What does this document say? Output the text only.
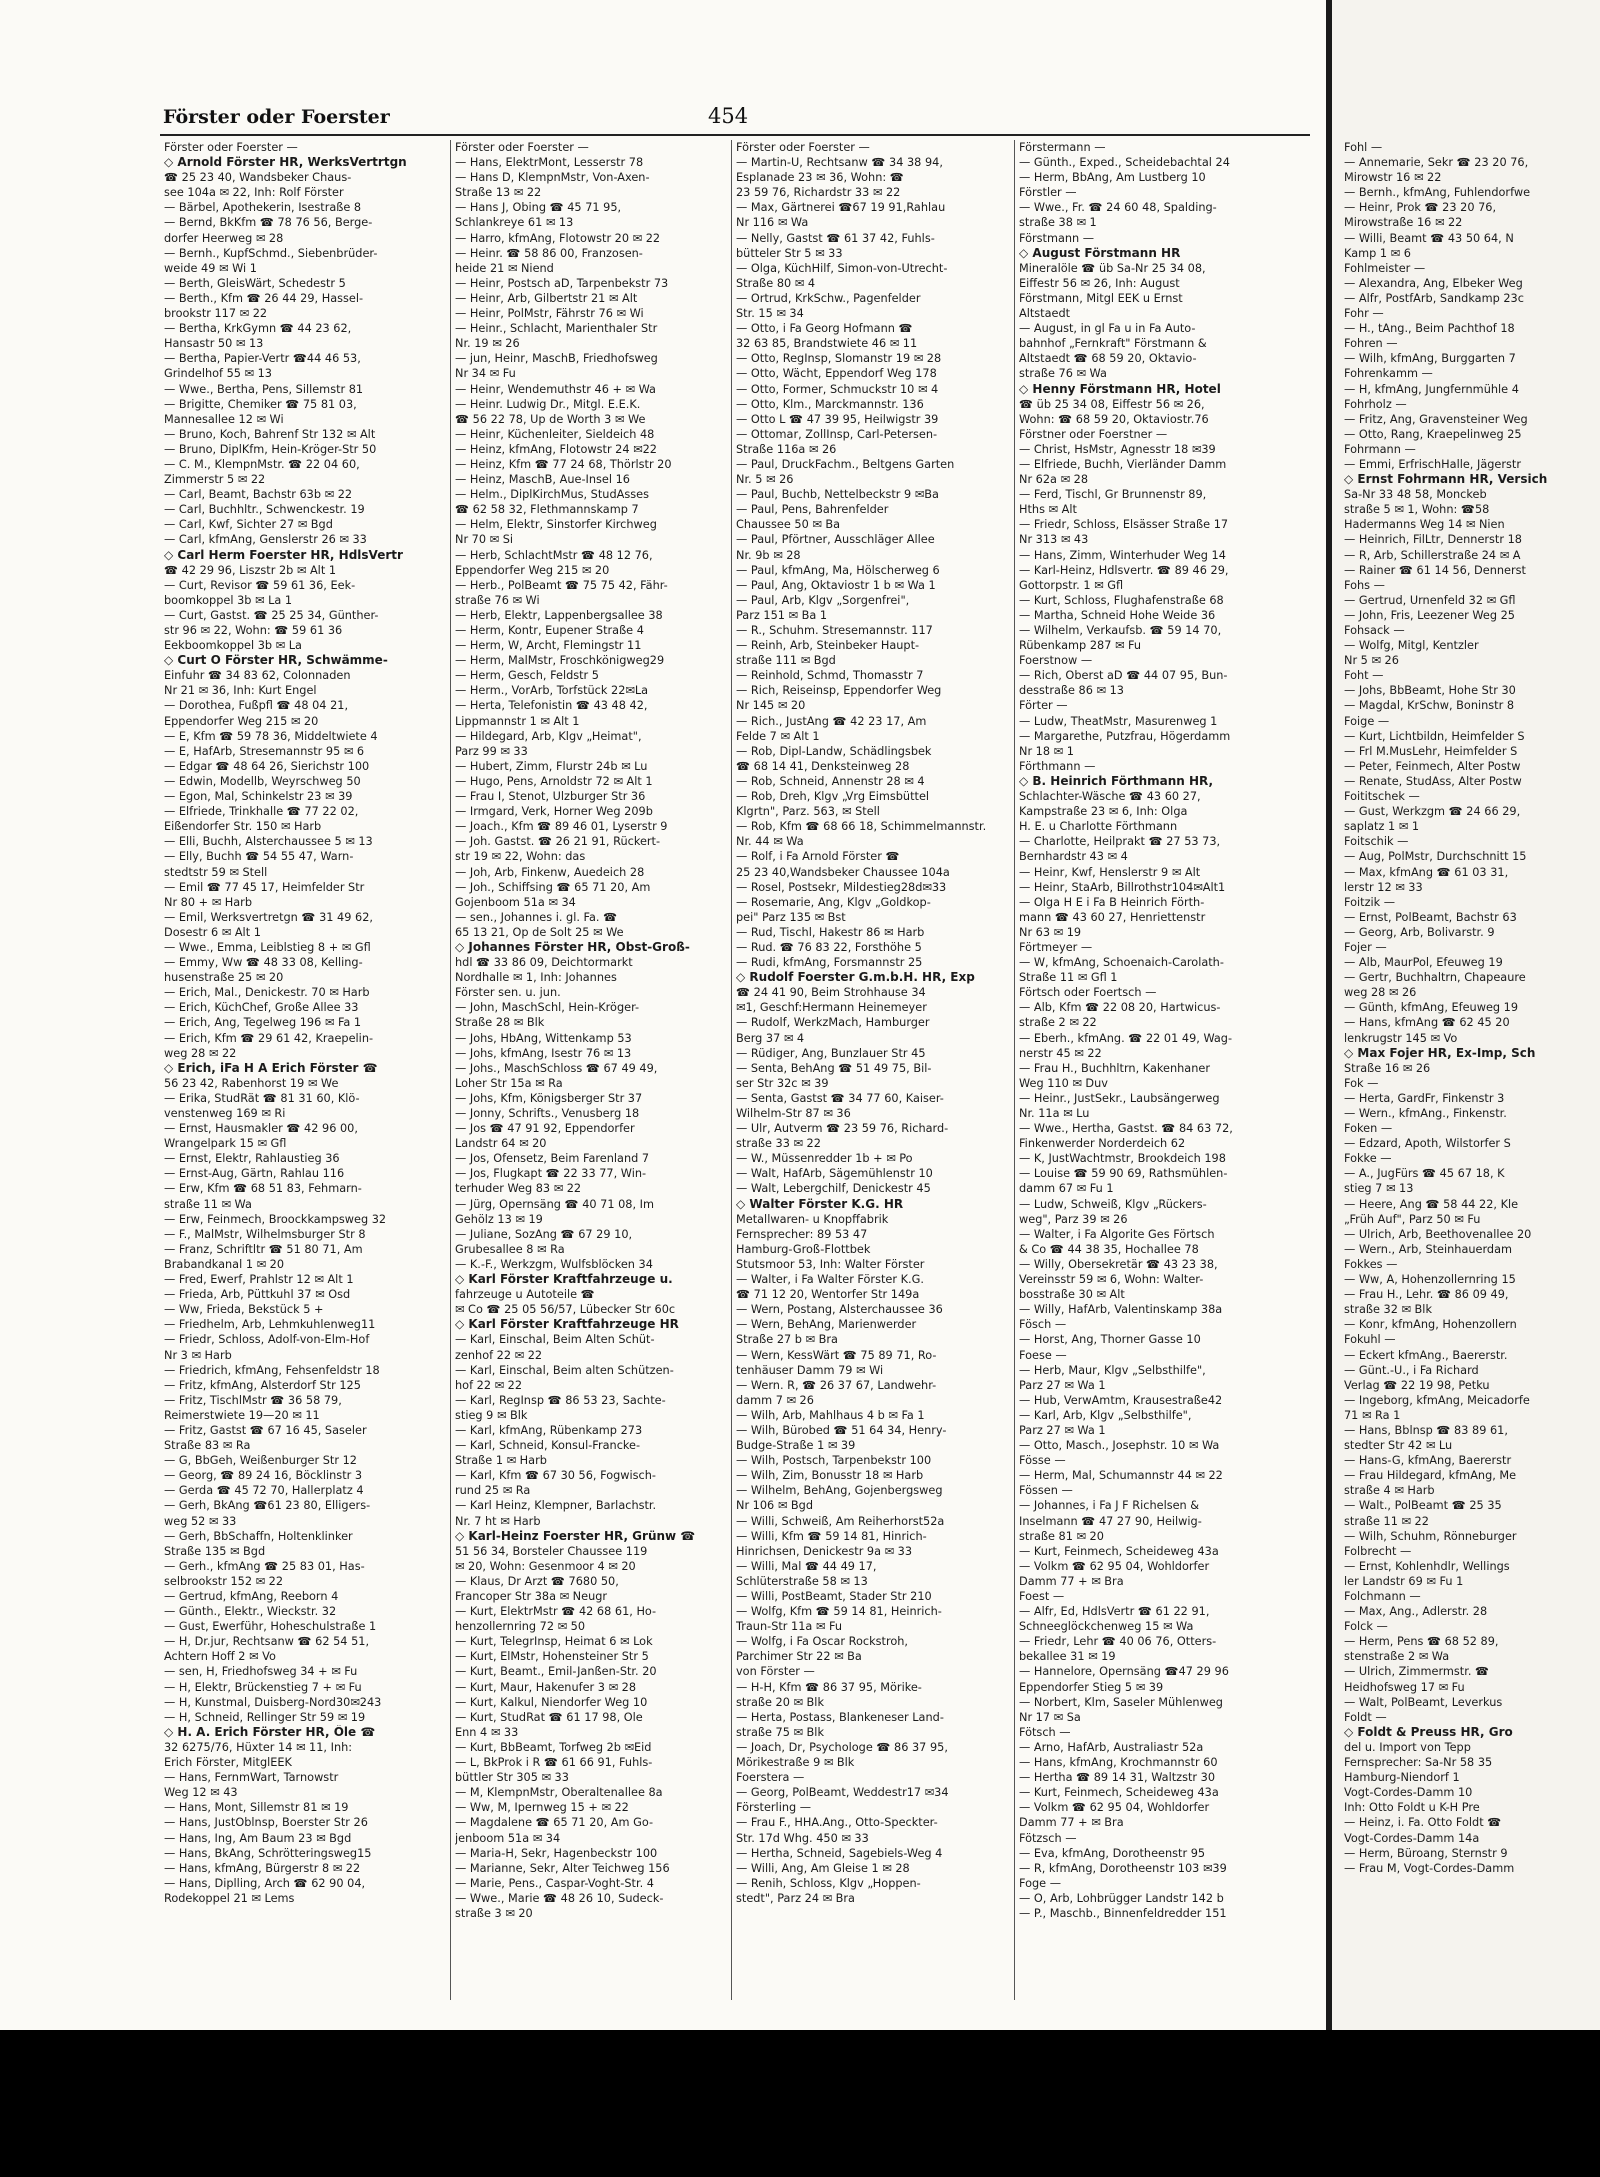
Förster oder Foerster	454
Förster oder Foerster —
◇ Arnold Förster HR, WerksVertrtgn
☎ 25 23 40, Wandsbeker Chaus-
see 104a ✉ 22, Inh: Rolf Förster
— Bärbel, Apothekerin, Isestraße 8
— Bernd, BkKfm ☎ 78 76 56, Berge-
dorfer Heerweg ✉ 28
— Bernh., KupfSchmd., Siebenbrüder-
weide 49 ✉ Wi 1
— Berth, GleisWärt, Schedestr 5
— Berth., Kfm ☎ 26 44 29, Hassel-
brookstr 117 ✉ 22
— Bertha, KrkGymn ☎ 44 23 62,
Hansastr 50 ✉ 13
— Bertha, Papier-Vertr ☎44 46 53,
Grindelhof 55 ✉ 13
— Wwe., Bertha, Pens, Sillemstr 81
— Brigitte, Chemiker ☎ 75 81 03,
Mannesallee 12 ✉ Wi
— Bruno, Koch, Bahrenf Str 132 ✉ Alt
— Bruno, DiplKfm, Hein-Kröger-Str 50
— C. M., KlempnMstr. ☎ 22 04 60,
Zimmerstr 5 ✉ 22
— Carl, Beamt, Bachstr 63b ✉ 22
— Carl, Buchhltr., Schwenckestr. 19
— Carl, Kwf, Sichter 27 ✉ Bgd
— Carl, kfmAng, Genslerstr 26 ✉ 33
◇ Carl Herm Foerster HR, HdlsVertr
☎ 42 29 96, Liszstr 2b ✉ Alt 1
— Curt, Revisor ☎ 59 61 36, Eek-
boomkoppel 3b ✉ La 1
— Curt, Gastst. ☎ 25 25 34, Günther-
str 96 ✉ 22, Wohn: ☎ 59 61 36
Eekboomkoppel 3b ✉ La
◇ Curt O Förster HR, Schwämme-
Einfuhr ☎ 34 83 62, Colonnaden
Nr 21 ✉ 36, Inh: Kurt Engel
— Dorothea, Fußpfl ☎ 48 04 21,
Eppendorfer Weg 215 ✉ 20
— E, Kfm ☎ 59 78 36, Middeltwiete 4
— E, HafArb, Stresemannstr 95 ✉ 6
— Edgar ☎ 48 64 26, Sierichstr 100
— Edwin, Modellb, Weyrschweg 50
— Egon, Mal, Schinkelstr 23 ✉ 39
— Elfriede, Trinkhalle ☎ 77 22 02,
Eißendorfer Str. 150 ✉ Harb
— Elli, Buchh, Alsterchaussee 5 ✉ 13
— Elly, Buchh ☎ 54 55 47, Warn-
stedtstr 59 ✉ Stell
— Emil ☎ 77 45 17, Heimfelder Str
Nr 80 + ✉ Harb
— Emil, Werksvertretgn ☎ 31 49 62,
Dosestr 6 ✉ Alt 1
— Wwe., Emma, Leiblstieg 8 + ✉ Gfl
— Emmy, Ww ☎ 48 33 08, Kelling-
husenstraße 25 ✉ 20
— Erich, Mal., Denickestr. 70 ✉ Harb
— Erich, KüchChef, Große Allee 33
— Erich, Ang, Tegelweg 196 ✉ Fa 1
— Erich, Kfm ☎ 29 61 42, Kraepelin-
weg 28 ✉ 22
◇ Erich, iFa H A Erich Förster ☎
56 23 42, Rabenhorst 19 ✉ We
— Erika, StudRät ☎ 81 31 60, Klö-
venstenweg 169 ✉ Ri
— Ernst, Hausmakler ☎ 42 96 00,
Wrangelpark 15 ✉ Gfl
— Ernst, Elektr, Rahlaustieg 36
— Ernst-Aug, Gärtn, Rahlau 116
— Erw, Kfm ☎ 68 51 83, Fehmarn-
straße 11 ✉ Wa
— Erw, Feinmech, Broockkampsweg 32
— F., MalMstr, Wilhelmsburger Str 8
— Franz, Schriftltr ☎ 51 80 71, Am
Brabandkanal 1 ✉ 20
— Fred, Ewerf, Prahlstr 12 ✉ Alt 1
— Frieda, Arb, Püttkuhl 37 ✉ Osd
— Ww, Frieda, Bekstück 5 +
— Friedhelm, Arb, Lehmkuhlenweg11
— Friedr, Schloss, Adolf-von-Elm-Hof
Nr 3 ✉ Harb
— Friedrich, kfmAng, Fehsenfeldstr 18
— Fritz, kfmAng, Alsterdorf Str 125
— Fritz, TischlMstr ☎ 36 58 79,
Reimerstwiete 19—20 ✉ 11
— Fritz, Gastst ☎ 67 16 45, Saseler
Straße 83 ✉ Ra
— G, BbGeh, Weißenburger Str 12
— Georg, ☎ 89 24 16, Böcklinstr 3
— Gerda ☎ 45 72 70, Hallerplatz 4
— Gerh, BkAng ☎61 23 80, Elligers-
weg 52 ✉ 33
— Gerh, BbSchaffn, Holtenklinker
Straße 135 ✉ Bgd
— Gerh., kfmAng ☎ 25 83 01, Has-
selbrookstr 152 ✉ 22
— Gertrud, kfmAng, Reeborn 4
— Günth., Elektr., Wieckstr. 32
— Gust, Ewerführ, Hoheschulstraße 1
— H, Dr.jur, Rechtsanw ☎ 62 54 51,
Achtern Hoff 2 ✉ Vo
— sen, H, Friedhofsweg 34 + ✉ Fu
— H, Elektr, Brückenstieg 7 + ✉ Fu
— H, Kunstmal, Duisberg-Nord30✉243
— H, Schneid, Rellinger Str 59 ✉ 19
◇ H. A. Erich Förster HR, Öle ☎
32 6275/76, Hüxter 14 ✉ 11, Inh:
Erich Förster, MitglEEK
— Hans, FernmWart, Tarnowstr
Weg 12 ✉ 43
— Hans, Mont, Sillemstr 81 ✉ 19
— Hans, JustOblnsp, Boerster Str 26
— Hans, Ing, Am Baum 23 ✉ Bgd
— Hans, BkAng, Schrötteringsweg15
— Hans, kfmAng, Bürgerstr 8 ✉ 22
— Hans, Diplling, Arch ☎ 62 90 04,
Rodekoppel 21 ✉ Lems
Förster oder Foerster —
— Hans, ElektrMont, Lesserstr 78
— Hans D, KlempnMstr, Von-Axen-
Straße 13 ✉ 22
— Hans J, Obing ☎ 45 71 95,
Schlankreye 61 ✉ 13
— Harro, kfmAng, Flotowstr 20 ✉ 22
— Heinr. ☎ 58 86 00, Franzosen-
heide 21 ✉ Niend
— Heinr, Postsch aD, Tarpenbekstr 73
— Heinr, Arb, Gilbertstr 21 ✉ Alt
— Heinr, PolMstr, Fährstr 76 ✉ Wi
— Heinr., Schlacht, Marienthaler Str
Nr. 19 ✉ 26
— jun, Heinr, MaschB, Friedhofsweg
Nr 34 ✉ Fu
— Heinr, Wendemuthstr 46 + ✉ Wa
— Heinr. Ludwig Dr., Mitgl. E.E.K.
☎ 56 22 78, Up de Worth 3 ✉ We
— Heinr, Küchenleiter, Sieldeich 48
— Heinz, kfmAng, Flotowstr 24 ✉22
— Heinz, Kfm ☎ 77 24 68, Thörlstr 20
— Heinz, MaschB, Aue-Insel 16
— Helm., DiplKirchMus, StudAsses
☎ 62 58 32, Flethmannskamp 7
— Helm, Elektr, Sinstorfer Kirchweg
Nr 70 ✉ Si
— Herb, SchlachtMstr ☎ 48 12 76,
Eppendorfer Weg 215 ✉ 20
— Herb., PolBeamt ☎ 75 75 42, Fähr-
straße 76 ✉ Wi
— Herb, Elektr, Lappenbergsallee 38
— Herm, Kontr, Eupener Straße 4
— Herm, W, Archt, Flemingstr 11
— Herm, MalMstr, Froschkönigweg29
— Herm, Gesch, Feldstr 5
— Herm., VorArb, Torfstück 22✉La
— Herta, Telefonistin ☎ 43 48 42,
Lippmannstr 1 ✉ Alt 1
— Hildegard, Arb, Klgv „Heimat",
Parz 99 ✉ 33
— Hubert, Zimm, Flurstr 24b ✉ Lu
— Hugo, Pens, Arnoldstr 72 ✉ Alt 1
— Frau I, Stenot, Ulzburger Str 36
— Irmgard, Verk, Horner Weg 209b
— Joach., Kfm ☎ 89 46 01, Lyserstr 9
— Joh. Gastst. ☎ 26 21 91, Rückert-
str 19 ✉ 22, Wohn: das
— Joh, Arb, Finkenw, Auedeich 28
— Joh., Schiffsing ☎ 65 71 20, Am
Gojenboom 51a ✉ 34
— sen., Johannes i. gl. Fa. ☎
65 13 21, Op de Solt 25 ✉ We
◇ Johannes Förster HR, Obst-Groß-
hdl ☎ 33 86 09, Deichtormarkt
Nordhalle ✉ 1, Inh: Johannes
Förster sen. u. jun.
— John, MaschSchl, Hein-Kröger-
Straße 28 ✉ Blk
— Johs, HbAng, Wittenkamp 53
— Johs, kfmAng, Isestr 76 ✉ 13
— Johs., MaschSchloss ☎ 67 49 49,
Loher Str 15a ✉ Ra
— Johs, Kfm, Königsberger Str 37
— Jonny, Schrifts., Venusberg 18
— Jos ☎ 47 91 92, Eppendorfer
Landstr 64 ✉ 20
— Jos, Ofensetz, Beim Farenland 7
— Jos, Flugkapt ☎ 22 33 77, Win-
terhuder Weg 83 ✉ 22
— Jürg, Opernsäng ☎ 40 71 08, Im
Gehölz 13 ✉ 19
— Juliane, SozAng ☎ 67 29 10,
Grubesallee 8 ✉ Ra
— K.-F., Werkzgm, Wulfsblöcken 34
◇ Karl Förster Kraftfahrzeuge u.
fahrzeuge u Autoteile ☎
✉ Co ☎ 25 05 56/57, Lübecker Str 60c
◇ Karl Förster Kraftfahrzeuge HR
— Karl, Einschal, Beim Alten Schüt-
zenhof 22 ✉ 22
— Karl, Einschal, Beim alten Schützen-
hof 22 ✉ 22
— Karl, RegInsp ☎ 86 53 23, Sachte-
stieg 9 ✉ Blk
— Karl, kfmAng, Rübenkamp 273
— Karl, Schneid, Konsul-Francke-
Straße 1 ✉ Harb
— Karl, Kfm ☎ 67 30 56, Fogwisch-
rund 25 ✉ Ra
— Karl Heinz, Klempner, Barlachstr.
Nr. 7 ht ✉ Harb
◇ Karl-Heinz Foerster HR, Grünw ☎
51 56 34, Borsteler Chaussee 119
✉ 20, Wohn: Gesenmoor 4 ✉ 20
— Klaus, Dr Arzt ☎ 7680 50,
Francoper Str 38a ✉ Neugr
— Kurt, ElektrMstr ☎ 42 68 61, Ho-
henzollernring 72 ✉ 50
— Kurt, TelegrInsp, Heimat 6 ✉ Lok
— Kurt, ElMstr, Hohensteiner Str 5
— Kurt, Beamt., Emil-Janßen-Str. 20
— Kurt, Maur, Hakenufer 3 ✉ 28
— Kurt, Kalkul, Niendorfer Weg 10
— Kurt, StudRat ☎ 61 17 98, Ole
Enn 4 ✉ 33
— Kurt, BbBeamt, Torfweg 2b ✉Eid
— L, BkProk i R ☎ 61 66 91, Fuhls-
büttler Str 305 ✉ 33
— M, KlempnMstr, Oberaltenallee 8a
— Ww, M, Ipernweg 15 + ✉ 22
— Magdalene ☎ 65 71 20, Am Go-
jenboom 51a ✉ 34
— Maria-H, Sekr, Hagenbeckstr 100
— Marianne, Sekr, Alter Teichweg 156
— Marie, Pens., Caspar-Voght-Str. 4
— Wwe., Marie ☎ 48 26 10, Sudeck-
straße 3 ✉ 20
Förster oder Foerster —
— Martin-U, Rechtsanw ☎ 34 38 94,
Esplanade 23 ✉ 36, Wohn: ☎
23 59 76, Richardstr 33 ✉ 22
— Max, Gärtnerei ☎67 19 91,Rahlau
Nr 116 ✉ Wa
— Nelly, Gastst ☎ 61 37 42, Fuhls-
bütteler Str 5 ✉ 33
— Olga, KüchHilf, Simon-von-Utrecht-
Straße 80 ✉ 4
— Ortrud, KrkSchw., Pagenfelder
Str. 15 ✉ 34
— Otto, i Fa Georg Hofmann ☎
32 63 85, Brandstwiete 46 ✉ 11
— Otto, RegInsp, Slomanstr 19 ✉ 28
— Otto, Wächt, Eppendorf Weg 178
— Otto, Former, Schmuckstr 10 ✉ 4
— Otto, Klm., Marckmannstr. 136
— Otto L ☎ 47 39 95, Heilwigstr 39
— Ottomar, ZollInsp, Carl-Petersen-
Straße 116a ✉ 26
— Paul, DruckFachm., Beltgens Garten
Nr. 5 ✉ 26
— Paul, Buchb, Nettelbeckstr 9 ✉Ba
— Paul, Pens, Bahrenfelder
Chaussee 50 ✉ Ba
— Paul, Pförtner, Ausschläger Allee
Nr. 9b ✉ 28
— Paul, kfmAng, Ma, Hölscherweg 6
— Paul, Ang, Oktaviostr 1 b ✉ Wa 1
— Paul, Arb, Klgv „Sorgenfrei",
Parz 151 ✉ Ba 1
— R., Schuhm. Stresemannstr. 117
— Reinh, Arb, Steinbeker Haupt-
straße 111 ✉ Bgd
— Reinhold, Schmd, Thomasstr 7
— Rich, Reiseinsp, Eppendorfer Weg
Nr 145 ✉ 20
— Rich., JustAng ☎ 42 23 17, Am
Felde 7 ✉ Alt 1
— Rob, Dipl-Landw, Schädlingsbek
☎ 68 14 41, Denksteinweg 28
— Rob, Schneid, Annenstr 28 ✉ 4
— Rob, Dreh, Klgv „Vrg Eimsbüttel
Klgrtn", Parz. 563, ✉ Stell
— Rob, Kfm ☎ 68 66 18, Schimmelmannstr.
Nr. 44 ✉ Wa
— Rolf, i Fa Arnold Förster ☎
25 23 40,Wandsbeker Chaussee 104a
— Rosel, Postsekr, Mildestieg28d✉33
— Rosemarie, Ang, Klgv „Goldkop-
pei" Parz 135 ✉ Bst
— Rud, Tischl, Hakestr 86 ✉ Harb
— Rud. ☎ 76 83 22, Forsthöhe 5
— Rudi, kfmAng, Forsmannstr 25
◇ Rudolf Foerster G.m.b.H. HR, Exp
☎ 24 41 90, Beim Strohhause 34
✉1, Geschf:Hermann Heinemeyer
— Rudolf, WerkzMach, Hamburger
Berg 37 ✉ 4
— Rüdiger, Ang, Bunzlauer Str 45
— Senta, BehAng ☎ 51 49 75, Bil-
ser Str 32c ✉ 39
— Senta, Gastst ☎ 34 77 60, Kaiser-
Wilhelm-Str 87 ✉ 36
— Ulr, Autverm ☎ 23 59 76, Richard-
straße 33 ✉ 22
— W., Müssenredder 1b + ✉ Po
— Walt, HafArb, Sägemühlenstr 10
— Walt, Lebergchilf, Denickestr 45
◇ Walter Förster K.G. HR
Metallwaren- u Knopffabrik
Fernsprecher: 89 53 47
Hamburg-Groß-Flottbek
Stutsmoor 53, Inh: Walter Förster
— Walter, i Fa Walter Förster K.G.
☎ 71 12 20, Wentorfer Str 149a
— Wern, Postang, Alsterchaussee 36
— Wern, BehAng, Marienwerder
Straße 27 b ✉ Bra
— Wern, KessWärt ☎ 75 89 71, Ro-
tenhäuser Damm 79 ✉ Wi
— Wern. R, ☎ 26 37 67, Landwehr-
damm 7 ✉ 26
— Wilh, Arb, Mahlhaus 4 b ✉ Fa 1
— Wilh, Bürobed ☎ 51 64 34, Henry-
Budge-Straße 1 ✉ 39
— Wilh, Postsch, Tarpenbekstr 100
— Wilh, Zim, Bonusstr 18 ✉ Harb
— Wilhelm, BehAng, Gojenbergsweg
Nr 106 ✉ Bgd
— Willi, Schweiß, Am Reiherhorst52a
— Willi, Kfm ☎ 59 14 81, Hinrich-
Hinrichsen, Denickestr 9a ✉ 33
— Willi, Mal ☎ 44 49 17,
Schlüterstraße 58 ✉ 13
— Willi, PostBeamt, Stader Str 210
— Wolfg, Kfm ☎ 59 14 81, Heinrich-
Traun-Str 11a ✉ Fu
— Wolfg, i Fa Oscar Rockstroh,
Parchimer Str 22 ✉ Ba
von Förster —
— H-H, Kfm ☎ 86 37 95, Mörike-
straße 20 ✉ Blk
— Herta, Postass, Blankeneser Land-
straße 75 ✉ Blk
— Joach, Dr, Psychologe ☎ 86 37 95,
Mörikestraße 9 ✉ Blk
Foerstera —
— Georg, PolBeamt, Weddestr17 ✉34
Försterling —
— Frau F., HHA.Ang., Otto-Speckter-
Str. 17d Whg. 450 ✉ 33
— Hertha, Schneid, Sagebiels-Weg 4
— Willi, Ang, Am Gleise 1 ✉ 28
— Renih, Schloss, Klgv „Hoppen-
stedt", Parz 24 ✉ Bra
Förstermann —
— Günth., Exped., Scheidebachtal 24
— Herm, BbAng, Am Lustberg 10
Förstler —
— Wwe., Fr. ☎ 24 60 48, Spalding-
straße 38 ✉ 1
Förstmann —
◇ August Förstmann HR
Mineralöle ☎ üb Sa-Nr 25 34 08,
Eiffestr 56 ✉ 26, Inh: August
Förstmann, Mitgl EEK u Ernst
Altstaedt
— August, in gl Fa u in Fa Auto-
bahnhof „Fernkraft" Förstmann &
Altstaedt ☎ 68 59 20, Oktavio-
straße 76 ✉ Wa
◇ Henny Förstmann HR, Hotel
☎ üb 25 34 08, Eiffestr 56 ✉ 26,
Wohn: ☎ 68 59 20, Oktaviostr.76
Förstner oder Foerstner —
— Christ, HsMstr, Agnesstr 18 ✉39
— Elfriede, Buchh, Vierländer Damm
Nr 62a ✉ 28
— Ferd, Tischl, Gr Brunnenstr 89,
Hths ✉ Alt
— Friedr, Schloss, Elsässer Straße 17
Nr 313 ✉ 43
— Hans, Zimm, Winterhuder Weg 14
— Karl-Heinz, Hdlsvertr. ☎ 89 46 29,
Gottorpstr. 1 ✉ Gfl
— Kurt, Schloss, Flughafenstraße 68
— Martha, Schneid Hohe Weide 36
— Wilhelm, Verkaufsb. ☎ 59 14 70,
Rübenkamp 287 ✉ Fu
Foerstnow —
— Rich, Oberst aD ☎ 44 07 95, Bun-
desstraße 86 ✉ 13
Förter —
— Ludw, TheatMstr, Masurenweg 1
— Margarethe, Putzfrau, Högerdamm
Nr 18 ✉ 1
Förthmann —
◇ B. Heinrich Förthmann HR,
Schlachter-Wäsche ☎ 43 60 27,
Kampstraße 23 ✉ 6, Inh: Olga
H. E. u Charlotte Förthmann
— Charlotte, Heilprakt ☎ 27 53 73,
Bernhardstr 43 ✉ 4
— Heinr, Kwf, Henslerstr 9 ✉ Alt
— Heinr, StaArb, Billrothstr104✉Alt1
— Olga H E i Fa B Heinrich Förth-
mann ☎ 43 60 27, Henriettenstr
Nr 63 ✉ 19
Förtmeyer —
— W, kfmAng, Schoenaich-Carolath-
Straße 11 ✉ Gfl 1
Förtsch oder Foertsch —
— Alb, Kfm ☎ 22 08 20, Hartwicus-
straße 2 ✉ 22
— Eberh., kfmAng. ☎ 22 01 49, Wag-
nerstr 45 ✉ 22
— Frau H., Buchhltrn, Kakenhaner
Weg 110 ✉ Duv
— Heinr., JustSekr., Laubsängerweg
Nr. 11a ✉ Lu
— Wwe., Hertha, Gastst. ☎ 84 63 72,
Finkenwerder Norderdeich 62
— K, JustWachtmstr, Brookdeich 198
— Louise ☎ 59 90 69, Rathsmühlen-
damm 67 ✉ Fu 1
— Ludw, Schweiß, Klgv „Rückers-
weg", Parz 39 ✉ 26
— Walter, i Fa Algorite Ges Förtsch
& Co ☎ 44 38 35, Hochallee 78
— Willy, Obersekretär ☎ 43 23 38,
Vereinsstr 59 ✉ 6, Wohn: Walter-
bosstraße 30 ✉ Alt
— Willy, HafArb, Valentinskamp 38a
Fösch —
— Horst, Ang, Thorner Gasse 10
Foese —
— Herb, Maur, Klgv „Selbsthilfe",
Parz 27 ✉ Wa 1
— Hub, VerwAmtm, Krausestraße42
— Karl, Arb, Klgv „Selbsthilfe",
Parz 27 ✉ Wa 1
— Otto, Masch., Josephstr. 10 ✉ Wa
Fösse —
— Herm, Mal, Schumannstr 44 ✉ 22
Fössen —
— Johannes, i Fa J F Richelsen &
Inselmann ☎ 47 27 90, Heilwig-
straße 81 ✉ 20
— Kurt, Feinmech, Scheideweg 43a
— Volkm ☎ 62 95 04, Wohldorfer
Damm 77 + ✉ Bra
Foest —
— Alfr, Ed, HdlsVertr ☎ 61 22 91,
Schneeglöckchenweg 15 ✉ Wa
— Friedr, Lehr ☎ 40 06 76, Otters-
bekallee 31 ✉ 19
— Hannelore, Opernsäng ☎47 29 96
Eppendorfer Stieg 5 ✉ 39
— Norbert, Klm, Saseler Mühlenweg
Nr 17 ✉ Sa
Fötsch —
— Arno, HafArb, Australiastr 52a
— Hans, kfmAng, Krochmannstr 60
— Hertha ☎ 89 14 31, Waltzstr 30
— Kurt, Feinmech, Scheideweg 43a
— Volkm ☎ 62 95 04, Wohldorfer
Damm 77 + ✉ Bra
Fötzsch —
— Eva, kfmAng, Dorotheenstr 95
— R, kfmAng, Dorotheenstr 103 ✉39
Foge —
— O, Arb, Lohbrügger Landstr 142 b
— P., Maschb., Binnenfeldredder 151
Fohl —
— Annemarie, Sekr ☎ 23 20 76,
Mirowstr 16 ✉ 22
— Bernh., kfmAng, Fuhlendorfwe
— Heinr, Prok ☎ 23 20 76,
Mirowstraße 16 ✉ 22
— Willi, Beamt ☎ 43 50 64, N
Kamp 1 ✉ 6
Fohlmeister —
— Alexandra, Ang, Elbeker Weg
— Alfr, PostfArb, Sandkamp 23c
Fohr —
— H., tAng., Beim Pachthof 18
Fohren —
— Wilh, kfmAng, Burggarten 7
Fohrenkamm —
— H, kfmAng, Jungfernmühle 4
Fohrholz —
— Fritz, Ang, Gravensteiner Weg
— Otto, Rang, Kraepelinweg 25
Fohrmann —
— Emmi, ErfrischHalle, Jägerstr
◇ Ernst Fohrmann HR, Versich
Sa-Nr 33 48 58, Monckeb
straße 5 ✉ 1, Wohn: ☎58
Hadermanns Weg 14 ✉ Nien
— Heinrich, FilLtr, Dennerstr 18
— R, Arb, Schillerstraße 24 ✉ A
— Rainer ☎ 61 14 56, Dennerst
Fohs —
— Gertrud, Urnenfeld 32 ✉ Gfl
— John, Fris, Leezener Weg 25
Fohsack —
— Wolfg, Mitgl, Kentzler
Nr 5 ✉ 26
Foht —
— Johs, BbBeamt, Hohe Str 30
— Magdal, KrSchw, Boninstr 8
Foige —
— Kurt, Lichtbildn, Heimfelder S
— Frl M.MusLehr, Heimfelder S
— Peter, Feinmech, Alter Postw
— Renate, StudAss, Alter Postw
Foititschek —
— Gust, Werkzgm ☎ 24 66 29,
saplatz 1 ✉ 1
Foitschik —
— Aug, PolMstr, Durchschnitt 15
— Max, kfmAng ☎ 61 03 31,
lerstr 12 ✉ 33
Foitzik —
— Ernst, PolBeamt, Bachstr 63
— Georg, Arb, Bolivarstr. 9
Fojer —
— Alb, MaurPol, Efeuweg 19
— Gertr, Buchhaltrn, Chapeaure
weg 28 ✉ 26
— Günth, kfmAng, Efeuweg 19
— Hans, kfmAng ☎ 62 45 20
lenkrugstr 145 ✉ Vo
◇ Max Fojer HR, Ex-Imp, Sch
Straße 16 ✉ 26
Fok —
— Herta, GardFr, Finkenstr 3
— Wern., kfmAng., Finkenstr.
Foken —
— Edzard, Apoth, Wilstorfer S
Fokke —
— A., JugFürs ☎ 45 67 18, K
stieg 7 ✉ 13
— Heere, Ang ☎ 58 44 22, Kle
„Früh Auf", Parz 50 ✉ Fu
— Ulrich, Arb, Beethovenallee 20
— Wern., Arb, Steinhauerdam
Fokkes —
— Ww, A, Hohenzollernring 15
— Frau H., Lehr. ☎ 86 09 49,
straße 32 ✉ Blk
— Konr, kfmAng, Hohenzollern
Fokuhl —
— Eckert kfmAng., Baererstr.
— Günt.-U., i Fa Richard
Verlag ☎ 22 19 98, Petku
— Ingeborg, kfmAng, Meicadorfe
71 ✉ Ra 1
— Hans, Bblnsp ☎ 83 89 61,
stedter Str 42 ✉ Lu
— Hans-G, kfmAng, Baererstr
— Frau Hildegard, kfmAng, Me
straße 4 ✉ Harb
— Walt., PolBeamt ☎ 25 35
straße 11 ✉ 22
— Wilh, Schuhm, Rönneburger
Folbrecht —
— Ernst, Kohlenhdlr, Wellings
ler Landstr 69 ✉ Fu 1
Folchmann —
— Max, Ang., Adlerstr. 28
Folck —
— Herm, Pens ☎ 68 52 89,
stenstraße 2 ✉ Wa
— Ulrich, Zimmermstr. ☎
Heidhofsweg 17 ✉ Fu
— Walt, PolBeamt, Leverkus
Foldt —
◇ Foldt & Preuss HR, Gro
del u. Import von Tepp
Fernsprecher: Sa-Nr 58 35
Hamburg-Niendorf 1
Vogt-Cordes-Damm 10
Inh: Otto Foldt u K-H Pre
— Heinz, i. Fa. Otto Foldt ☎
Vogt-Cordes-Damm 14a
— Herm, Büroang, Sternstr 9
— Frau M, Vogt-Cordes-Damm
